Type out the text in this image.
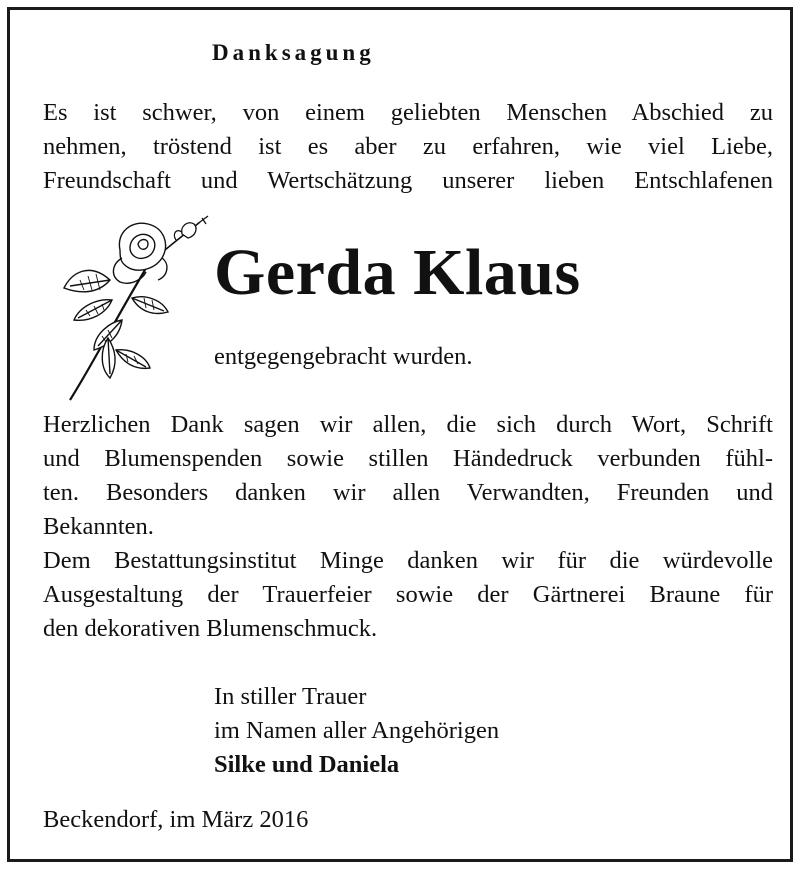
Danksagung
Es ist schwer, von einem geliebten Menschen Abschied zu
nehmen, tröstend ist es aber zu erfahren, wie viel Liebe,
Freundschaft und Wertschätzung unserer lieben Entschlafenen
Gerda Klaus
entgegengebracht wurden.
Herzlichen Dank sagen wir allen, die sich durch Wort, Schrift
und Blumenspenden sowie stillen Händedruck verbunden fühl-
ten. Besonders danken wir allen Verwandten, Freunden und
Bekannten.
Dem Bestattungsinstitut Minge danken wir für die würdevolle
Ausgestaltung der Trauerfeier sowie der Gärtnerei Braune für
den dekorativen Blumenschmuck.
In stiller Trauer
im Namen aller Angehörigen
Silke und Daniela
Beckendorf, im März 2016
